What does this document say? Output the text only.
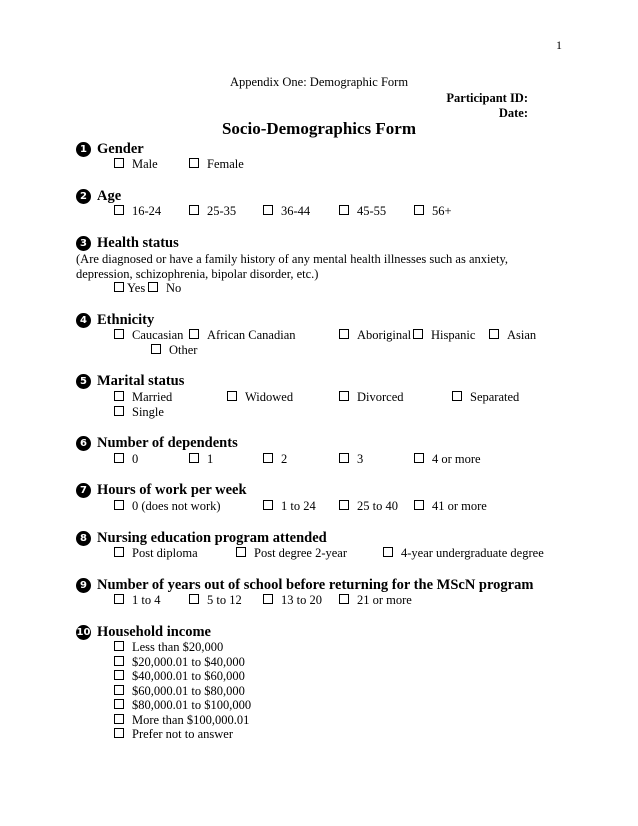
1
Appendix One: Demographic Form
Participant ID:
Date:
Socio-Demographics Form
1 Gender
Male	Female
2 Age
16-24	25-35	36-44	45-55	56+
3 Health status
(Are diagnosed or have a family history of any mental health illnesses such as anxiety,
depression, schizophrenia, bipolar disorder, etc.)
Yes	No
4 Ethnicity
Caucasian	African Canadian	Aboriginal	Hispanic	Asian
Other
5 Marital status
Married	Widowed	Divorced	Separated
Single
6 Number of dependents
0	1	2	3	4 or more
7 Hours of work per week
0 (does not work)	1 to 24	25 to 40	41 or more
8 Nursing education program attended
Post diploma	Post degree 2-year	4-year undergraduate degree
9 Number of years out of school before returning for the MScN program
1 to 4	5 to 12	13 to 20	21 or more
10 Household income
Less than $20,000
$20,000.01 to $40,000
$40,000.01 to $60,000
$60,000.01 to $80,000
$80,000.01 to $100,000
More than $100,000.01
Prefer not to answer
